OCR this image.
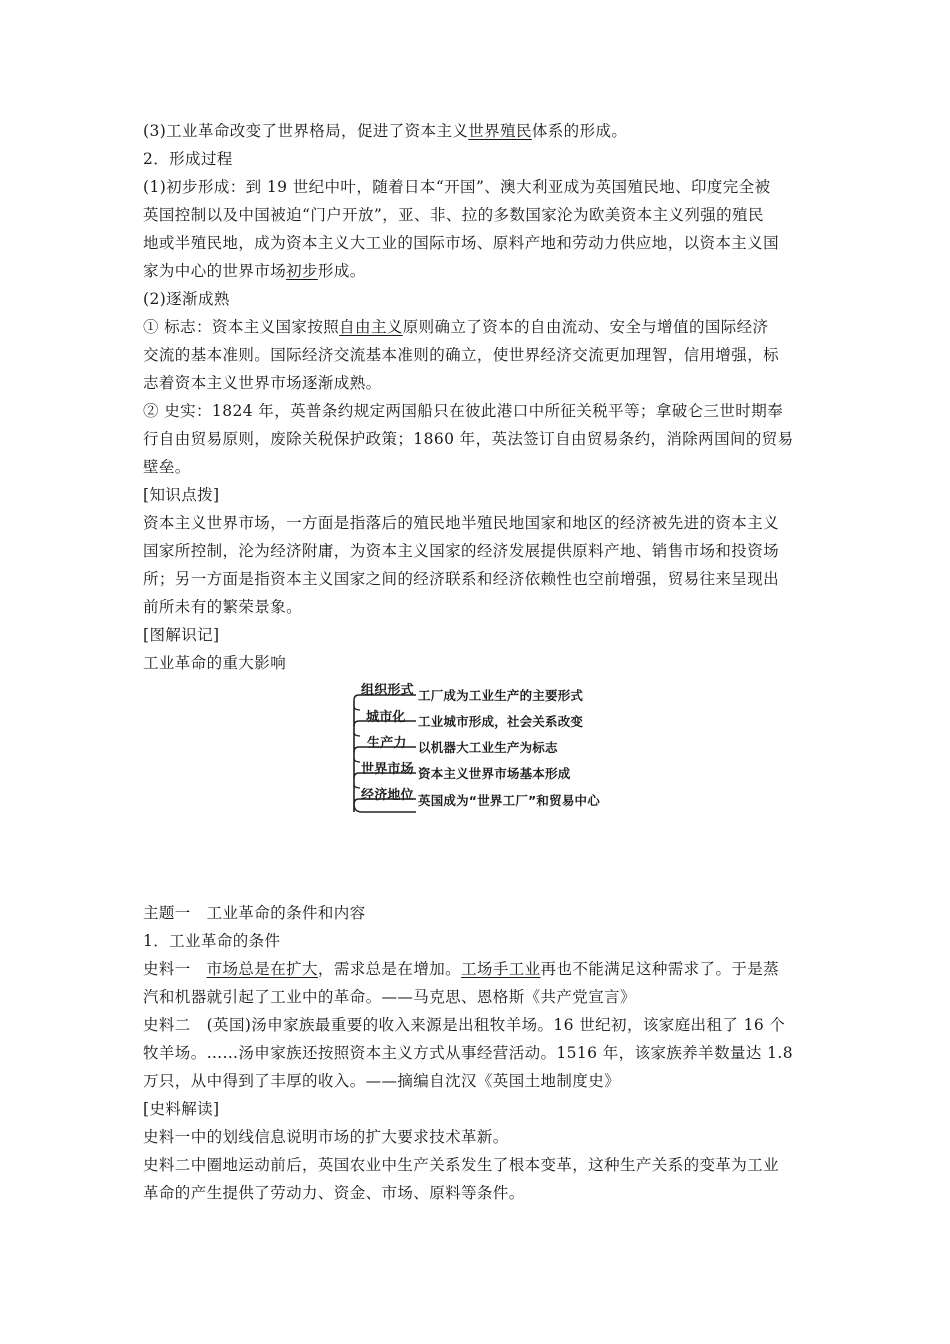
(3)工业革命改变了世界格局，促进了资本主义世界殖民体系的形成。
2．形成过程
(1)初步形成：到 19 世纪中叶，随着日本“开国”、澳大利亚成为英国殖民地、印度完全被
英国控制以及中国被迫“门户开放”，亚、非、拉的多数国家沦为欧美资本主义列强的殖民
地或半殖民地，成为资本主义大工业的国际市场、原料产地和劳动力供应地，以资本主义国
家为中心的世界市场初步形成。
(2)逐渐成熟
① 标志：资本主义国家按照自由主义原则确立了资本的自由流动、安全与增值的国际经济
交流的基本准则。国际经济交流基本准则的确立，使世界经济交流更加理智，信用增强，标
志着资本主义世界市场逐渐成熟。
② 史实：1824 年，英普条约规定两国船只在彼此港口中所征关税平等；拿破仑三世时期奉
行自由贸易原则，废除关税保护政策；1860 年，英法签订自由贸易条约，消除两国间的贸易
壁垒。
[知识点拨]
资本主义世界市场，一方面是指落后的殖民地半殖民地国家和地区的经济被先进的资本主义
国家所控制，沦为经济附庸，为资本主义国家的经济发展提供原料产地、销售市场和投资场
所；另一方面是指资本主义国家之间的经济联系和经济依赖性也空前增强，贸易往来呈现出
前所未有的繁荣景象。
[图解识记]
工业革命的重大影响
组织形式 工厂成为工业生产的主要形式
城市化 工业城市形成，社会关系改变
生产力 以机器大工业生产为标志
世界市场 资本主义世界市场基本形成
经济地位 英国成为“世界工厂”和贸易中心
主题一　工业革命的条件和内容
1．工业革命的条件
史料一　市场总是在扩大，需求总是在增加。工场手工业再也不能满足这种需求了。于是蒸
汽和机器就引起了工业中的革命。——马克思、恩格斯《共产党宣言》
史料二　(英国)汤申家族最重要的收入来源是出租牧羊场。16 世纪初，该家庭出租了 16 个
牧羊场。……汤申家族还按照资本主义方式从事经营活动。1516 年，该家族养羊数量达 1.8
万只，从中得到了丰厚的收入。——摘编自沈汉《英国土地制度史》
[史料解读]
史料一中的划线信息说明市场的扩大要求技术革新。
史料二中圈地运动前后，英国农业中生产关系发生了根本变革，这种生产关系的变革为工业
革命的产生提供了劳动力、资金、市场、原料等条件。
